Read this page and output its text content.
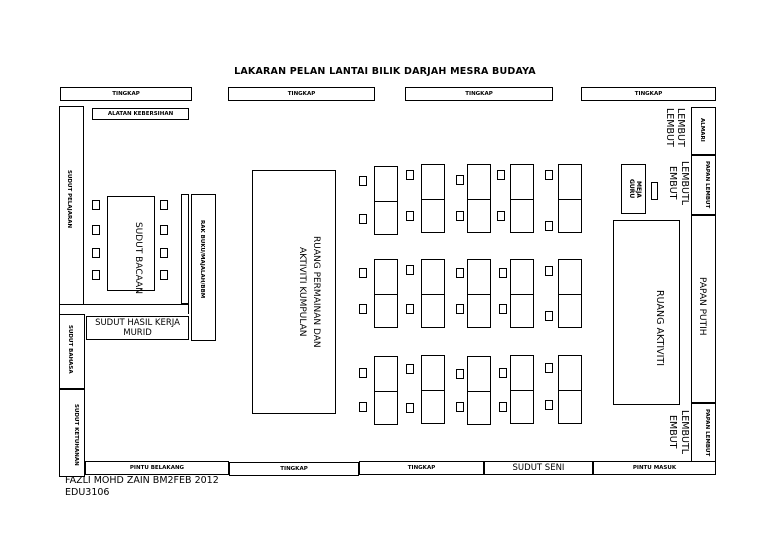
LAKARAN PELAN LANTAI BILIK DARJAH MESRA BUDAYA
TINGKAP	TINGKAP	TINGKAP	TINGKAP
ALATAN KEBERSIHAN
SUDUT PELAJARAN
SUDUT BACAAN	RAK BUKU/MAJALAH/BBM
SUDUT HASIL KERJA MURID
SUDUT BAHASA
SUDUT KETUHANAN
RUANG PERMAINAN DAN AKTIVITI KUMPULAN
ALMARI
LEMBUT LEMBUT
PAPAN LEMBUT
LEMBUTL EMBUT
MEJA GURU
RUANG AKTIVITI	PAPAN PUTIH
PAPAN LEMBUT
LEMBUTL EMBUT
PINTU BELAKANG	TINGKAP	TINGKAP	SUDUT SENI	PINTU MASUK
FAZLI MOHD ZAIN BM2FEB 2012
EDU3106
